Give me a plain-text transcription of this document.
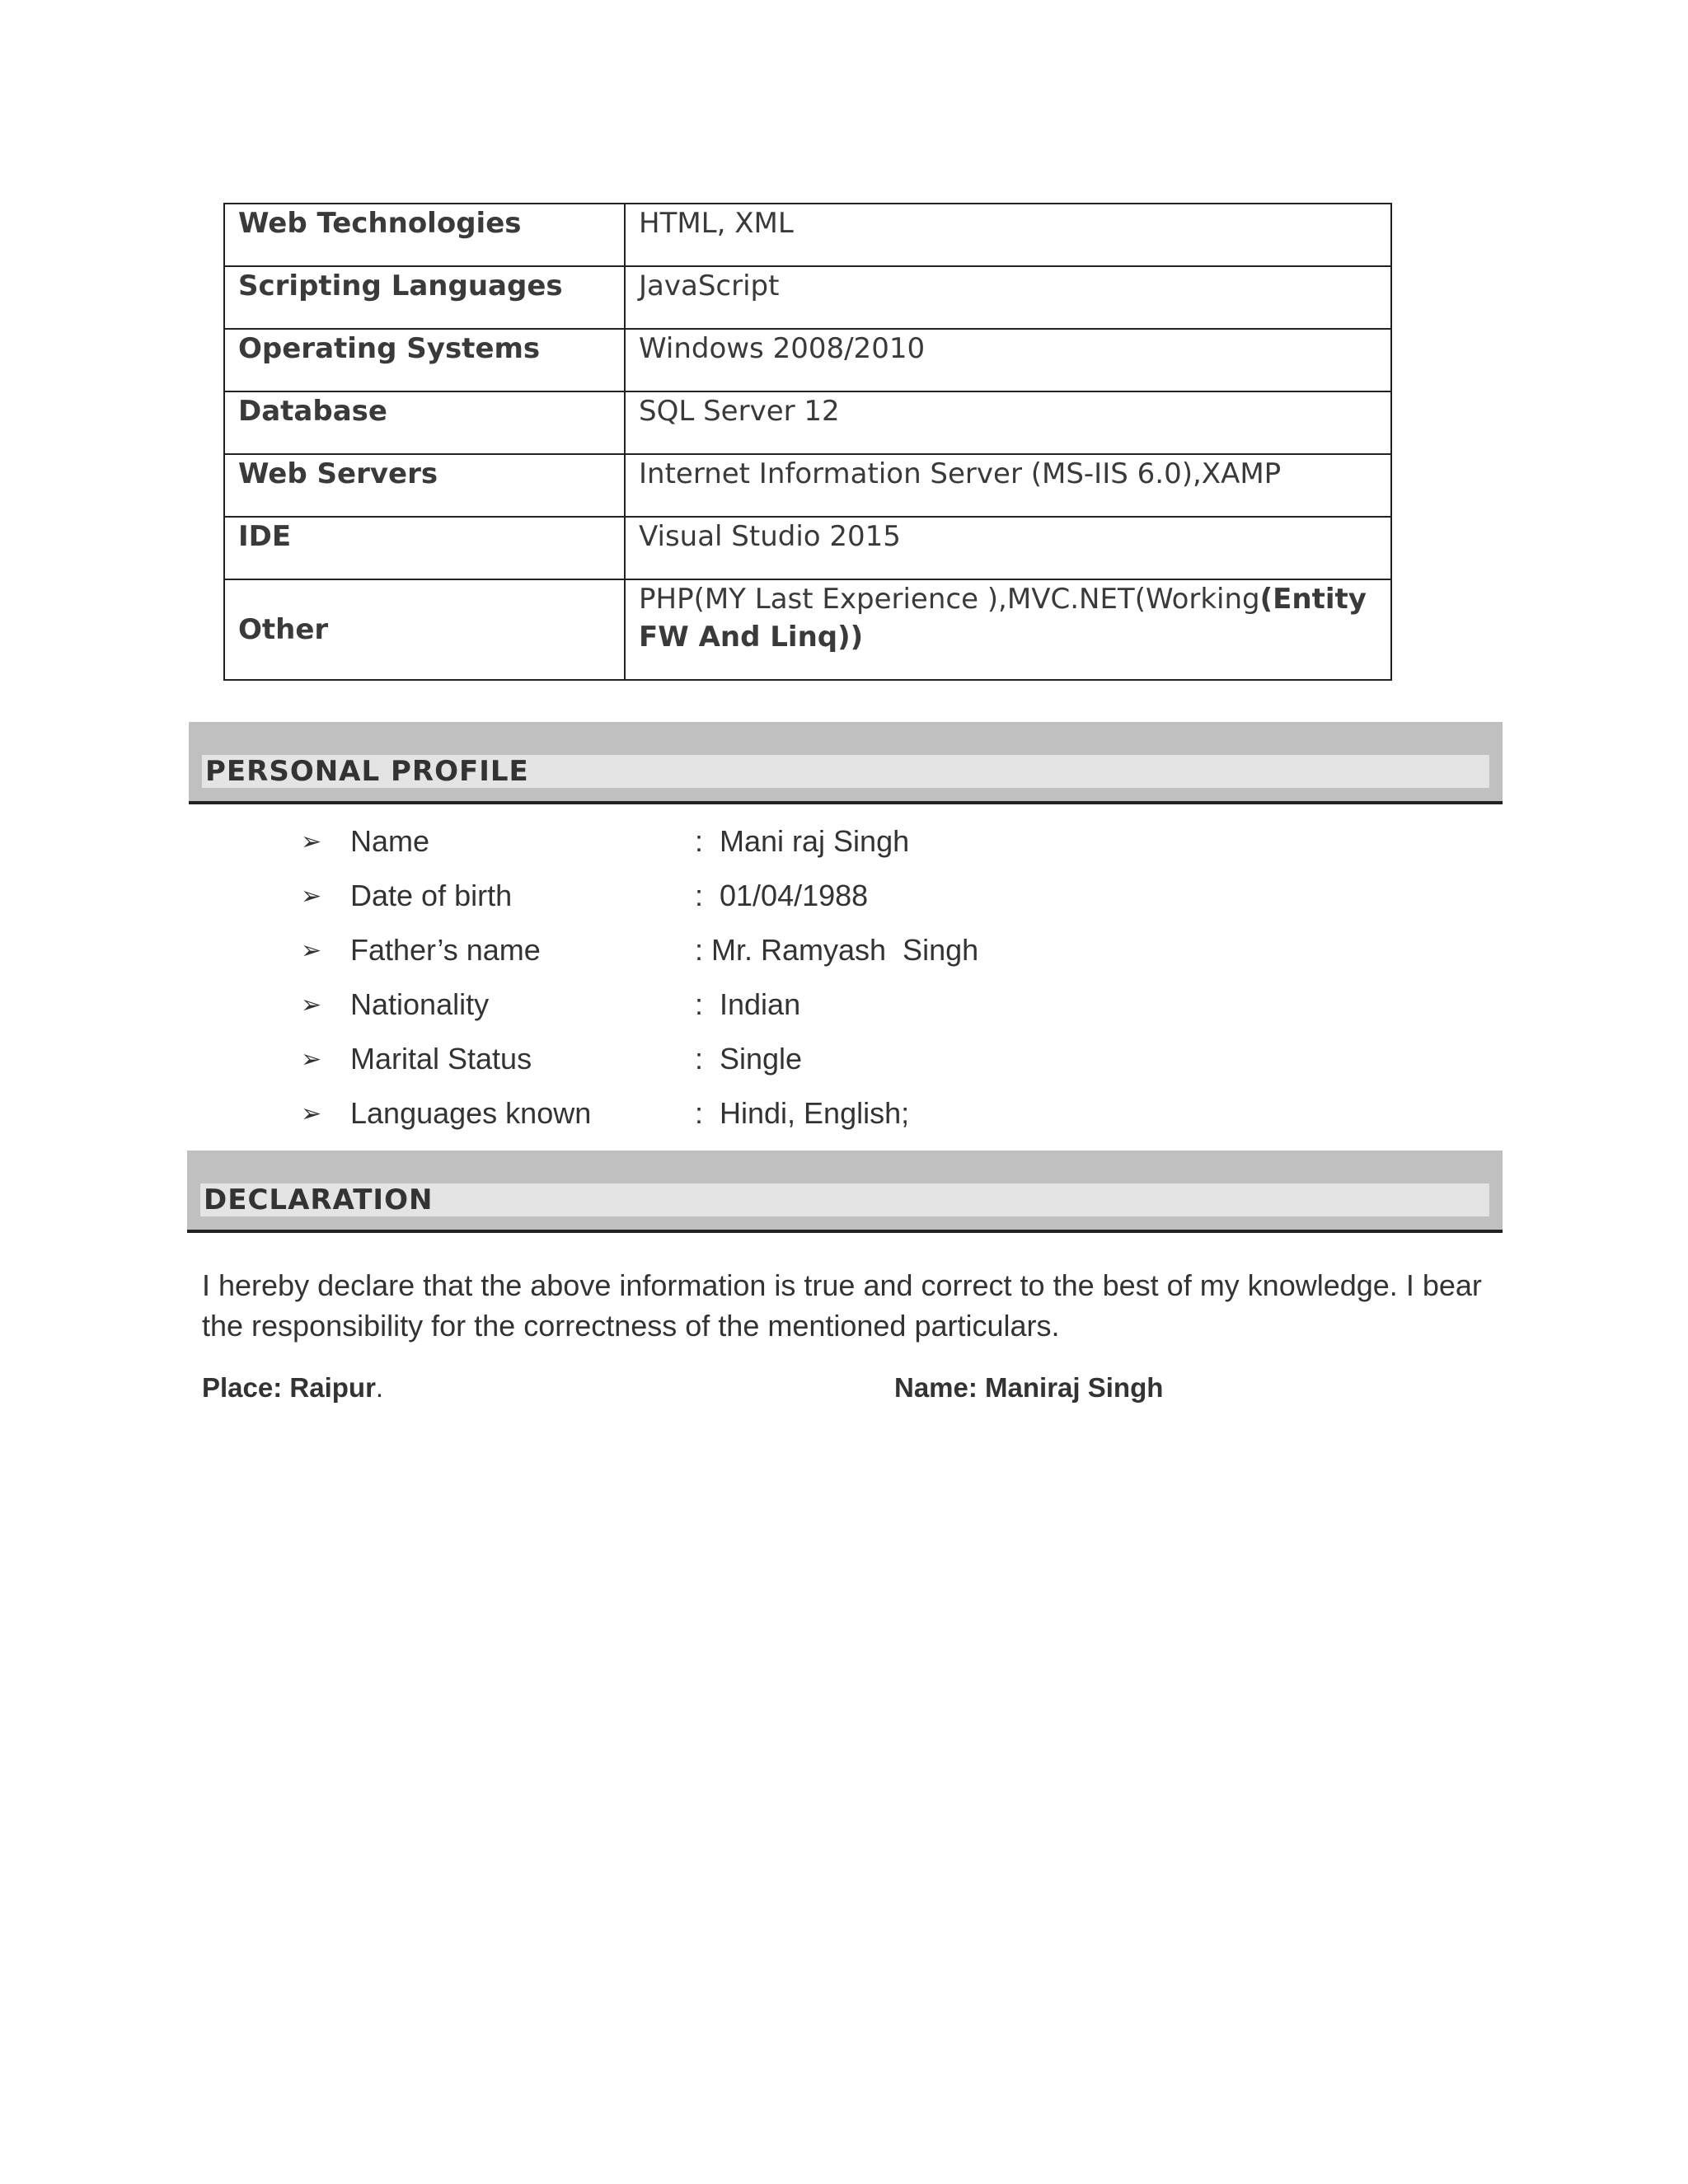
Web Technologies	HTML, XML
Scripting Languages	JavaScript
Operating Systems	Windows 2008/2010
Database	SQL Server 12
Web Servers	Internet Information Server (MS-IIS 6.0),XAMP
IDE	Visual Studio 2015
Other	PHP(MY Last Experience ),MVC.NET(Working(Entity FW And Linq))
PERSONAL PROFILE
➢ Name	:  Mani raj Singh
➢ Date of birth	:  01/04/1988
➢ Father’s name	: Mr. Ramyash  Singh
➢ Nationality	:  Indian
➢ Marital Status	:  Single
➢ Languages known	:  Hindi, English;
DECLARATION
I hereby declare that the above information is true and correct to the best of my knowledge. I bear the responsibility for the correctness of the mentioned particulars.
Place: Raipur.	Name: Maniraj Singh
